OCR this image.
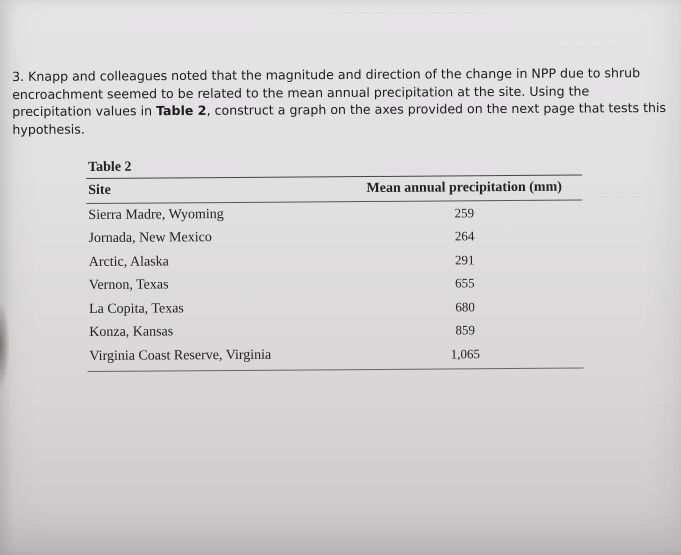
— — — — — — — — — — —
— — — —
— — —
3. Knapp and colleagues noted that the magnitude and direction of the change in NPP due to shrub encroachment seemed to be related to the mean annual precipitation at the site. Using the precipitation values in Table 2, construct a graph on the axes provided on the next page that tests this hypothesis.
Table 2
Site	Mean annual precipitation (mm)
Sierra Madre, Wyoming	259
Jornada, New Mexico	264
Arctic, Alaska	291
Vernon, Texas	655
La Copita, Texas	680
Konza, Kansas	859
Virginia Coast Reserve, Virginia	1,065
